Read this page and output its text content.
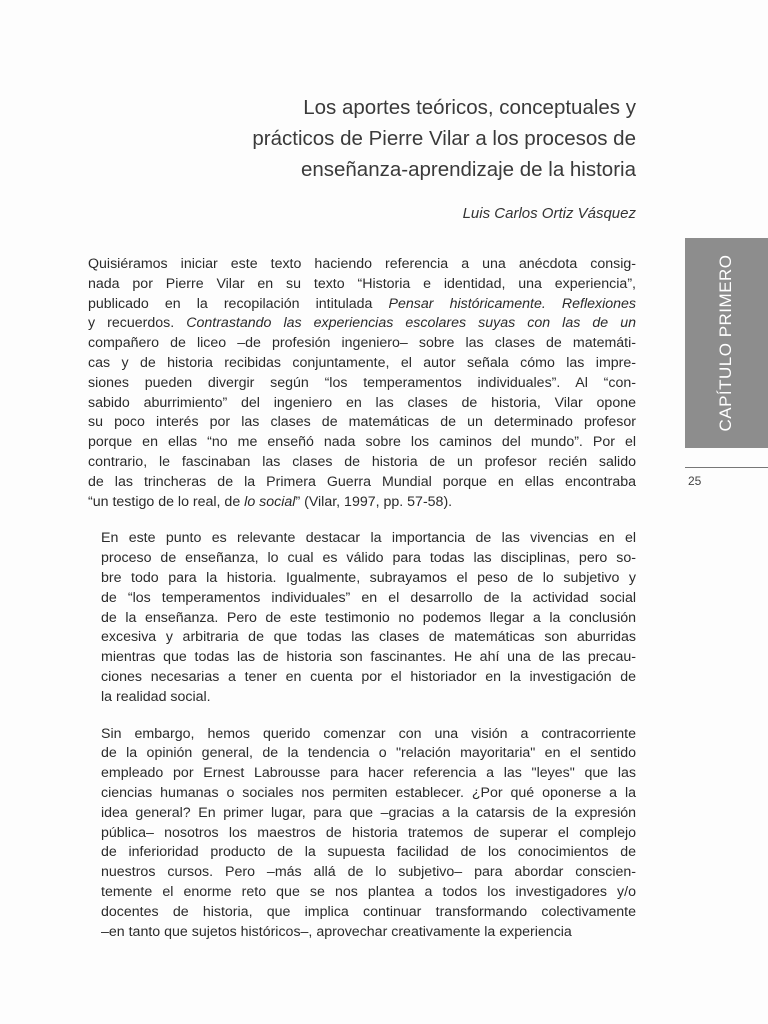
Los aportes teóricos, conceptuales y
prácticos de Pierre Vilar a los procesos de
enseñanza-aprendizaje de la historia
Luis Carlos Ortiz Vásquez
CAPÍTULO PRIMERO
25
Quisiéramos iniciar este texto haciendo referencia a una anécdota consig-
nada por Pierre Vilar en su texto “Historia e identidad, una experiencia”,
publicado en la recopilación intitulada Pensar históricamente. Reflexiones
y recuerdos. Contrastando las experiencias escolares suyas con las de un
compañero de liceo –de profesión ingeniero– sobre las clases de matemáti-
cas y de historia recibidas conjuntamente, el autor señala cómo las impre-
siones pueden divergir según “los temperamentos individuales”. Al “con-
sabido aburrimiento” del ingeniero en las clases de historia, Vilar opone
su poco interés por las clases de matemáticas de un determinado profesor
porque en ellas “no me enseñó nada sobre los caminos del mundo”. Por el
contrario, le fascinaban las clases de historia de un profesor recién salido
de las trincheras de la Primera Guerra Mundial porque en ellas encontraba
“un testigo de lo real, de lo social” (Vilar, 1997, pp. 57-58).
En este punto es relevante destacar la importancia de las vivencias en el
proceso de enseñanza, lo cual es válido para todas las disciplinas, pero so-
bre todo para la historia. Igualmente, subrayamos el peso de lo subjetivo y
de “los temperamentos individuales” en el desarrollo de la actividad social
de la enseñanza. Pero de este testimonio no podemos llegar a la conclusión
excesiva y arbitraria de que todas las clases de matemáticas son aburridas
mientras que todas las de historia son fascinantes. He ahí una de las precau-
ciones necesarias a tener en cuenta por el historiador en la investigación de
la realidad social.
Sin embargo, hemos querido comenzar con una visión a contracorriente
de la opinión general, de la tendencia o "relación mayoritaria" en el sentido
empleado por Ernest Labrousse para hacer referencia a las "leyes" que las
ciencias humanas o sociales nos permiten establecer. ¿Por qué oponerse a la
idea general? En primer lugar, para que –gracias a la catarsis de la expresión
pública– nosotros los maestros de historia tratemos de superar el complejo
de inferioridad producto de la supuesta facilidad de los conocimientos de
nuestros cursos. Pero –más allá de lo subjetivo– para abordar conscien-
temente el enorme reto que se nos plantea a todos los investigadores y/o
docentes de historia, que implica continuar transformando colectivamente
–en tanto que sujetos históricos–, aprovechar creativamente la experiencia
